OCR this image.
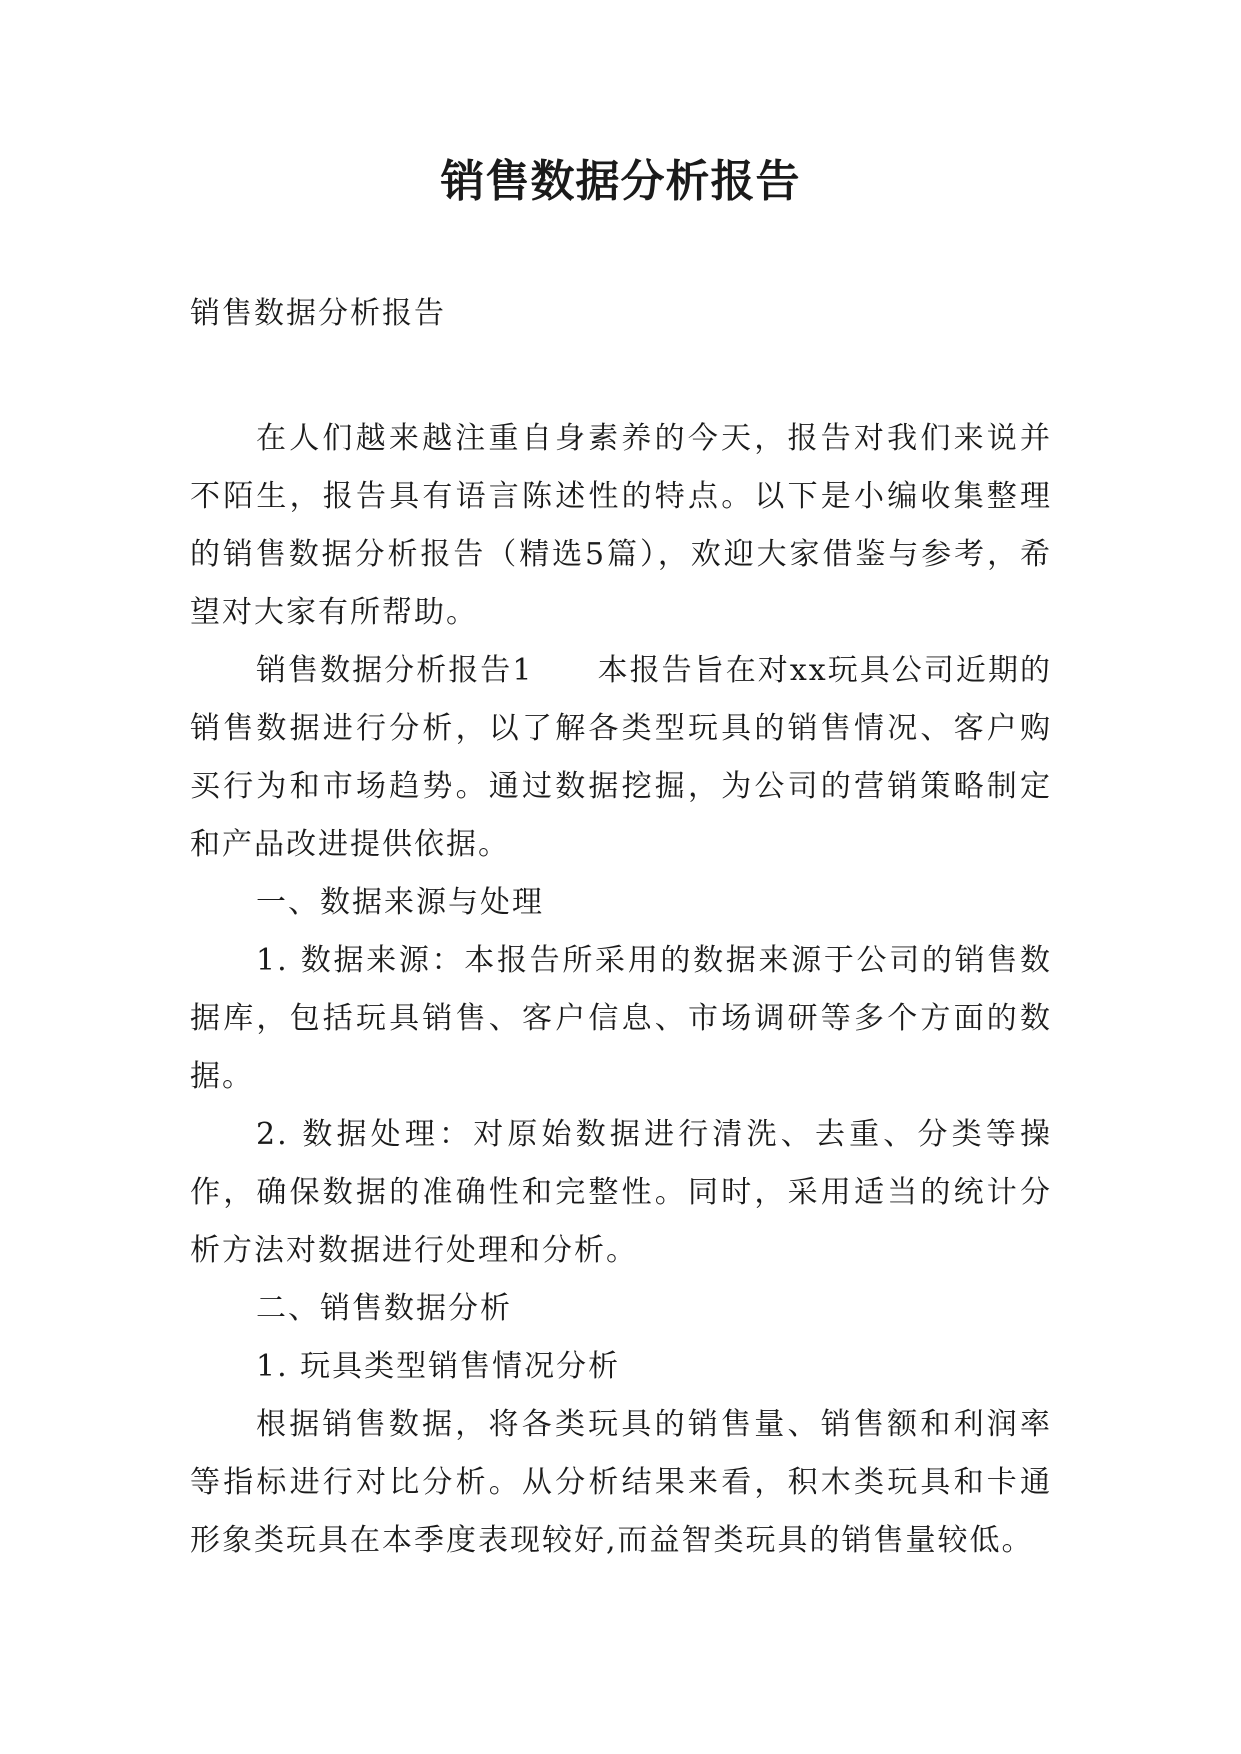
销售数据分析报告
销售数据分析报告

在人们越来越注重自身素养的今天，报告对我们来说并不陌生，报告具有语言陈述性的特点。以下是小编收集整理的销售数据分析报告（精选5篇），欢迎大家借鉴与参考，希望对大家有所帮助。

销售数据分析报告1　　本报告旨在对xx玩具公司近期的销售数据进行分析，以了解各类型玩具的销售情况、客户购买行为和市场趋势。通过数据挖掘，为公司的营销策略制定和产品改进提供依据。

一、数据来源与处理

1. 数据来源：本报告所采用的数据来源于公司的销售数据库，包括玩具销售、客户信息、市场调研等多个方面的数据。

2. 数据处理：对原始数据进行清洗、去重、分类等操作，确保数据的准确性和完整性。同时，采用适当的统计分析方法对数据进行处理和分析。

二、销售数据分析

1. 玩具类型销售情况分析

根据销售数据，将各类玩具的销售量、销售额和利润率等指标进行对比分析。从分析结果来看，积木类玩具和卡通形象类玩具在本季度表现较好,而益智类玩具的销售量较低。
